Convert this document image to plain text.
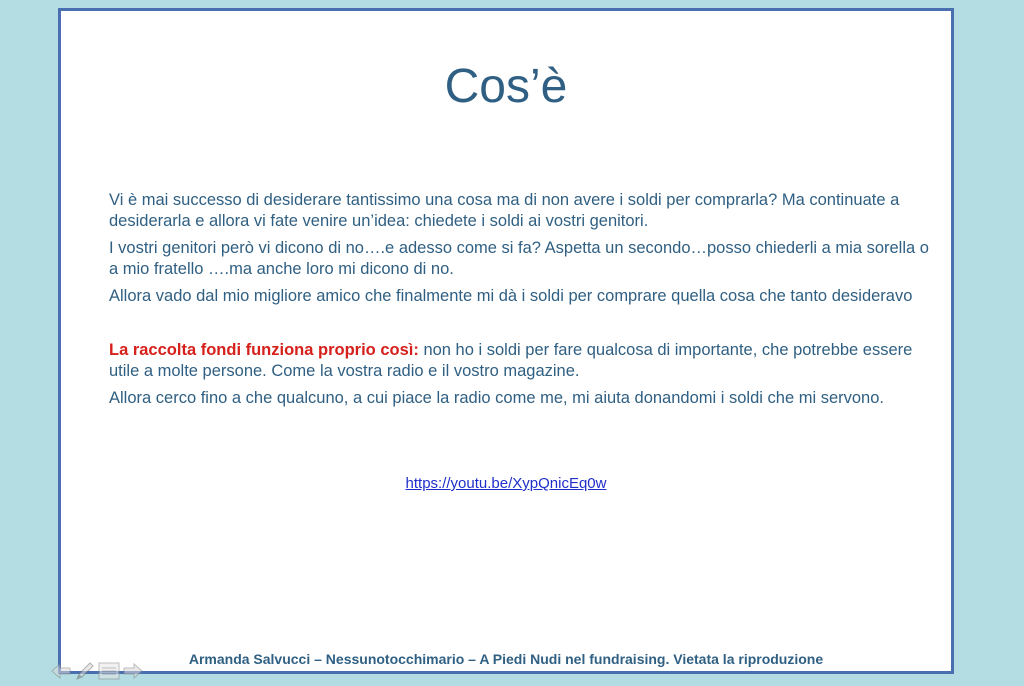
Cos’è

Vi è mai successo di desiderare tantissimo una cosa ma di non avere i soldi per comprarla? Ma continuate a desiderarla e allora vi fate venire un’idea: chiedete i soldi ai vostri genitori.

I vostri genitori però vi dicono di no….e adesso come si fa? Aspetta un secondo…posso chiederli a mia sorella o a mio fratello ….ma anche loro mi dicono di no.

Allora vado dal mio migliore amico che finalmente mi dà i soldi per comprare quella cosa che tanto desideravo

La raccolta fondi funziona proprio così: non ho i soldi per fare qualcosa di importante, che potrebbe essere utile a molte persone. Come la vostra radio e il vostro magazine.

Allora cerco fino a che qualcuno, a cui piace la radio come me, mi aiuta donandomi i soldi che mi servono.

https://youtu.be/XypQnicEq0w
Armanda Salvucci – Nessunotocchimario – A Piedi Nudi nel fundraising. Vietata la riproduzione
